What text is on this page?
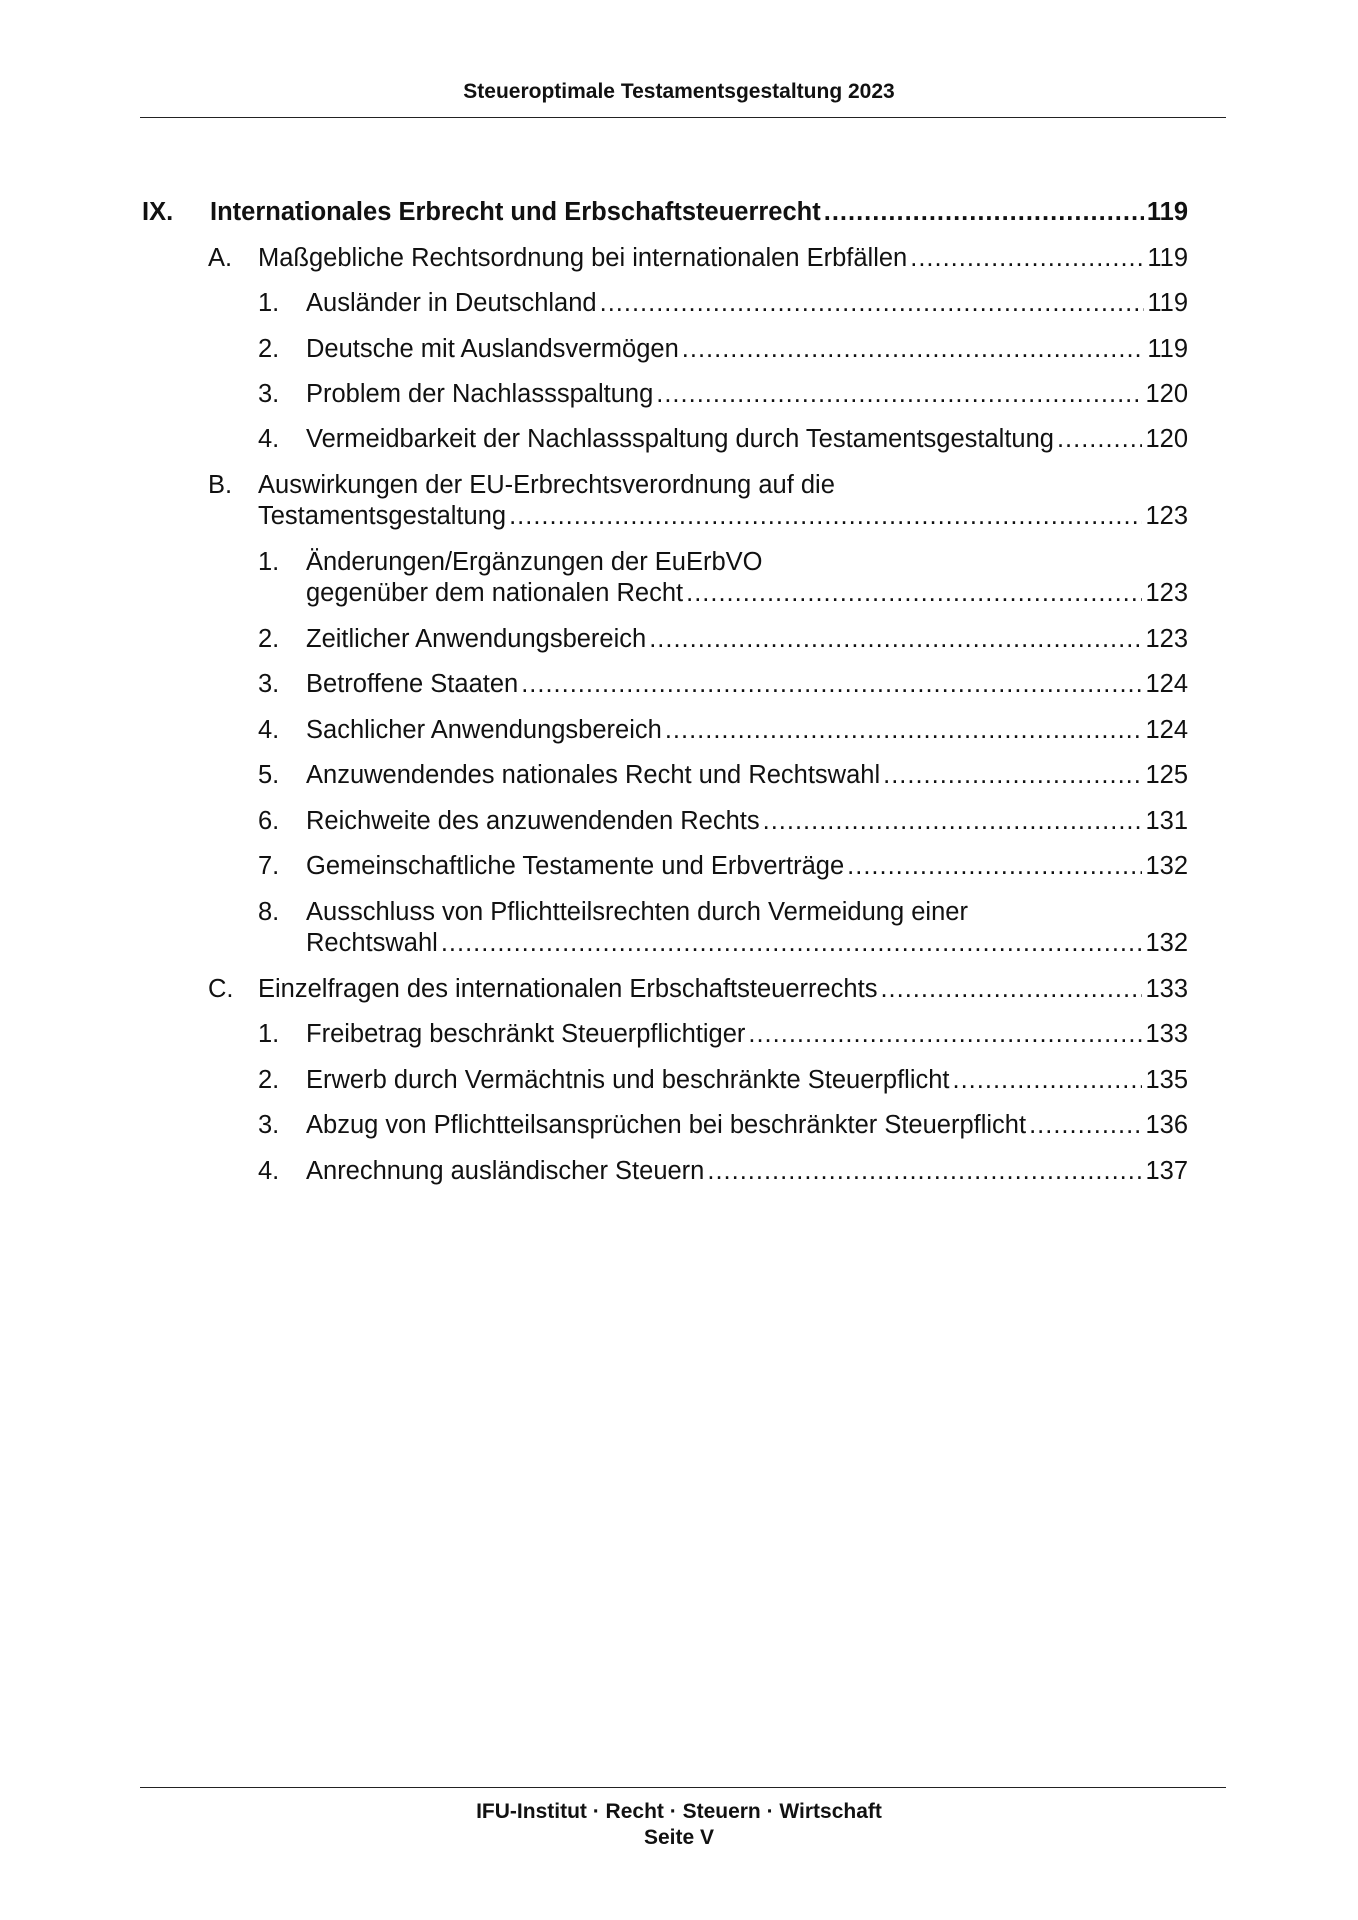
Steueroptimale Testamentsgestaltung 2023
IX. Internationales Erbrecht und Erbschaftsteuerrecht .....	119
A. Maßgebliche Rechtsordnung bei internationalen Erbfällen .....	119
1. Ausländer in Deutschland .....	119
2. Deutsche mit Auslandsvermögen .....	119
3. Problem der Nachlassspaltung .....	120
4. Vermeidbarkeit der Nachlassspaltung durch Testamentsgestaltung .....	120
B. Auswirkungen der EU-Erbrechtsverordnung auf die
Testamentsgestaltung .....	123
1. Änderungen/Ergänzungen der EuErbVO
gegenüber dem nationalen Recht .....	123
2. Zeitlicher Anwendungsbereich .....	123
3. Betroffene Staaten .....	124
4. Sachlicher Anwendungsbereich .....	124
5. Anzuwendendes nationales Recht und Rechtswahl .....	125
6. Reichweite des anzuwendenden Rechts .....	131
7. Gemeinschaftliche Testamente und Erbverträge .....	132
8. Ausschluss von Pflichtteilsrechten durch Vermeidung einer
Rechtswahl .....	132
C. Einzelfragen des internationalen Erbschaftsteuerrechts .....	133
1. Freibetrag beschränkt Steuerpflichtiger .....	133
2. Erwerb durch Vermächtnis und beschränkte Steuerpflicht .....	135
3. Abzug von Pflichtteilsansprüchen bei beschränkter Steuerpflicht .....	136
4. Anrechnung ausländischer Steuern .....	137
IFU-Institut · Recht · Steuern · Wirtschaft
Seite V
